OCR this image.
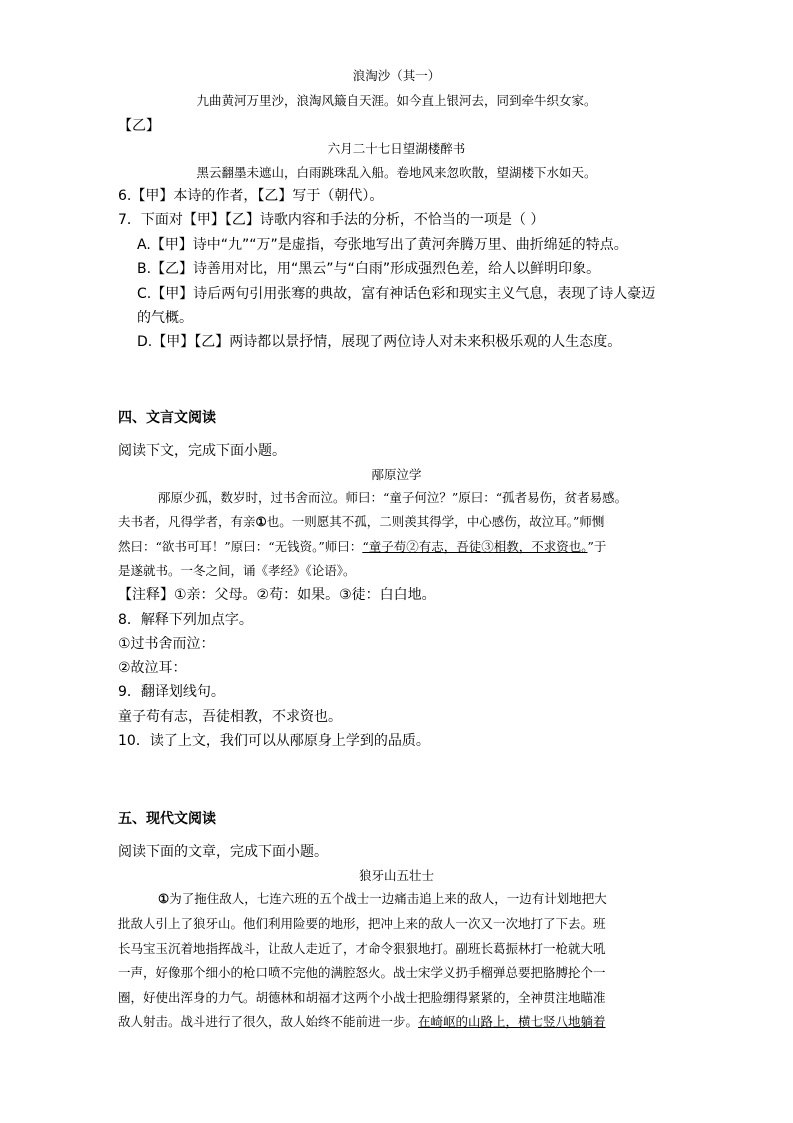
浪淘沙（其一）
九曲黄河万里沙，浪淘风簸自天涯。如今直上银河去，同到牵牛织女家。
【乙】
六月二十七日望湖楼醉书
黑云翻墨未遮山，白雨跳珠乱入船。卷地风来忽吹散，望湖楼下水如天。
6.【甲】本诗的作者，【乙】写于（朝代）。
7．下面对【甲】【乙】诗歌内容和手法的分析，不恰当的一项是（ ）
A.【甲】诗中“九”“万”是虚指，夸张地写出了黄河奔腾万里、曲折绵延的特点。
B.【乙】诗善用对比，用“黑云”与“白雨”形成强烈色差，给人以鲜明印象。
C.【甲】诗后两句引用张骞的典故，富有神话色彩和现实主义气息，表现了诗人豪迈
的气概。
D.【甲】【乙】两诗都以景抒情，展现了两位诗人对未来积极乐观的人生态度。
四、文言文阅读
阅读下文，完成下面小题。
邴原泣学
邴原少孤，数岁时，过书舍而泣。师曰：“童子何泣？”原曰：“孤者易伤，贫者易感。
夫书者，凡得学者，有亲①也。一则愿其不孤，二则羡其得学，中心感伤，故泣耳。”师恻
然曰：“欲书可耳！”原曰：“无钱资。”师曰：“童子苟②有志，吾徒③相教，不求资也。”于
是遂就书。一冬之间，诵《孝经》《论语》。
【注释】①亲：父母。②苟：如果。③徒：白白地。
8．解释下列加点字。
①过书舍而泣：
②故泣耳：
9．翻译划线句。
童子苟有志，吾徒相教，不求资也。
10．读了上文，我们可以从邴原身上学到的品质。
五、现代文阅读
阅读下面的文章，完成下面小题。
狼牙山五壮士
①为了拖住敌人，七连六班的五个战士一边痛击追上来的敌人，一边有计划地把大
批敌人引上了狼牙山。他们利用险要的地形，把冲上来的敌人一次又一次地打了下去。班
长马宝玉沉着地指挥战斗，让敌人走近了，才命令狠狠地打。副班长葛振林打一枪就大吼
一声，好像那个细小的枪口喷不完他的满腔怒火。战士宋学义扔手榴弹总要把胳膊抡个一
圈，好使出浑身的力气。胡德林和胡福才这两个小战士把脸绷得紧紧的，全神贯注地瞄准
敌人射击。战斗进行了很久，敌人始终不能前进一步。在崎岖的山路上，横七竖八地躺着
